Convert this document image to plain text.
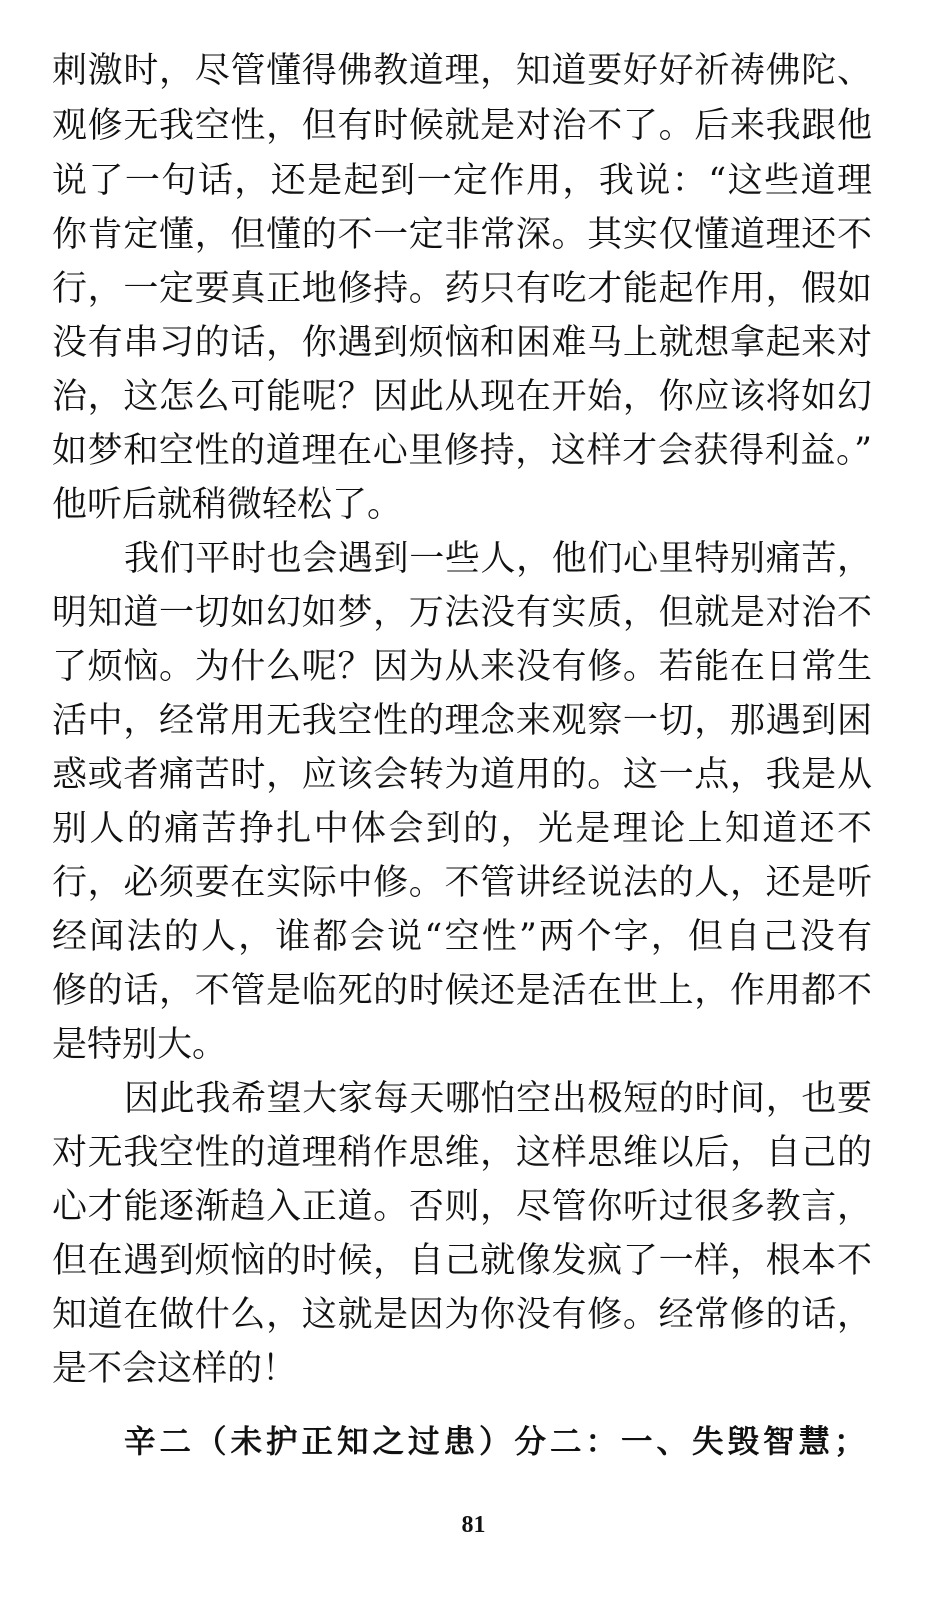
刺激时，尽管懂得佛教道理，知道要好好祈祷佛陀、
观修无我空性，但有时候就是对治不了。后来我跟他
说了一句话，还是起到一定作用，我说：“这些道理
你肯定懂，但懂的不一定非常深。其实仅懂道理还不
行，一定要真正地修持。药只有吃才能起作用，假如
没有串习的话，你遇到烦恼和困难马上就想拿起来对
治，这怎么可能呢？因此从现在开始，你应该将如幻
如梦和空性的道理在心里修持，这样才会获得利益。”
他听后就稍微轻松了。
我们平时也会遇到一些人，他们心里特别痛苦，
明知道一切如幻如梦，万法没有实质，但就是对治不
了烦恼。为什么呢？因为从来没有修。若能在日常生
活中，经常用无我空性的理念来观察一切，那遇到困
惑或者痛苦时，应该会转为道用的。这一点，我是从
别人的痛苦挣扎中体会到的，光是理论上知道还不
行，必须要在实际中修。不管讲经说法的人，还是听
经闻法的人，谁都会说“空性”两个字，但自己没有
修的话，不管是临死的时候还是活在世上，作用都不
是特别大。
因此我希望大家每天哪怕空出极短的时间，也要
对无我空性的道理稍作思维，这样思维以后，自己的
心才能逐渐趋入正道。否则，尽管你听过很多教言，
但在遇到烦恼的时候，自己就像发疯了一样，根本不
知道在做什么，这就是因为你没有修。经常修的话，
是不会这样的！
辛二（未护正知之过患）分二：一、失毁智慧；
81
